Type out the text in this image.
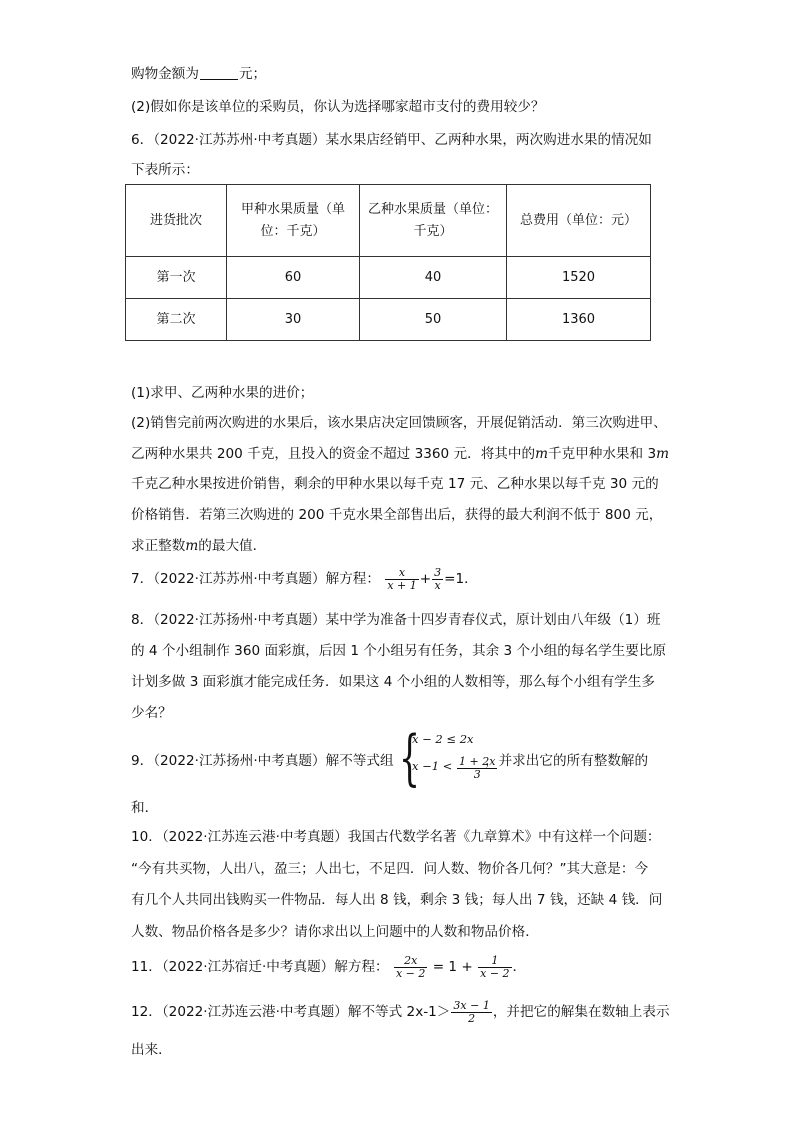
购物金额为	元；
(2)假如你是该单位的采购员，你认为选择哪家超市支付的费用较少？
6．（2022·江苏苏州·中考真题）某水果店经销甲、乙两种水果，两次购进水果的情况如
下表所示：
进货批次	甲种水果质量（单
位：千克）	乙种水果质量（单位：
千克）	总费用（单位：元）
第一次	60	40	1520
第二次	30	50	1360
(1)求甲、乙两种水果的进价；
(2)销售完前两次购进的水果后，该水果店决定回馈顾客，开展促销活动．第三次购进甲、
乙两种水果共 200 千克，且投入的资金不超过 3360 元．将其中的m千克甲种水果和 3m
千克乙种水果按进价销售，剩余的甲种水果以每千克 17 元、乙种水果以每千克 30 元的
价格销售．若第三次购进的 200 千克水果全部售出后，获得的最大利润不低于 800 元，
求正整数m的最大值．
7．（2022·江苏苏州·中考真题）解方程： $\frac{x}{x + 1} + \frac{3}{x} =1$．
8．（2022·江苏扬州·中考真题）某中学为准备十四岁青春仪式，原计划由八年级（1）班
的 4 个小组制作 360 面彩旗，后因 1 个小组另有任务，其余 3 个小组的每名学生要比原
计划多做 3 面彩旗才能完成任务．如果这 4 个小组的人数相等，那么每个小组有学生多
少名？
9．（2022·江苏扬州·中考真题）解不等式组 {
x − 2 ≤ 2x
$x -1 < \frac{1 + 2x}{3}$
，并求出它的所有整数解的
和．
10．（2022·江苏连云港·中考真题）我国古代数学名著《九章算术》中有这样一个问题：
“今有共买物，人出八，盈三；人出七，不足四．问人数、物价各几何？”其大意是：今
有几个人共同出钱购买一件物品．每人出 8 钱，剩余 3 钱；每人出 7 钱，还缺 4 钱．问
人数、物品价格各是多少？请你求出以上问题中的人数和物品价格．
11．（2022·江苏宿迁·中考真题）解方程： $\frac{2x}{x - 2} = 1 + \frac{1}{x - 2}$ ．
12．（2022·江苏连云港·中考真题）解不等式 $2x-1> \frac{3x - 1}{2}$ ，并把它的解集在数轴上表示
出来．
